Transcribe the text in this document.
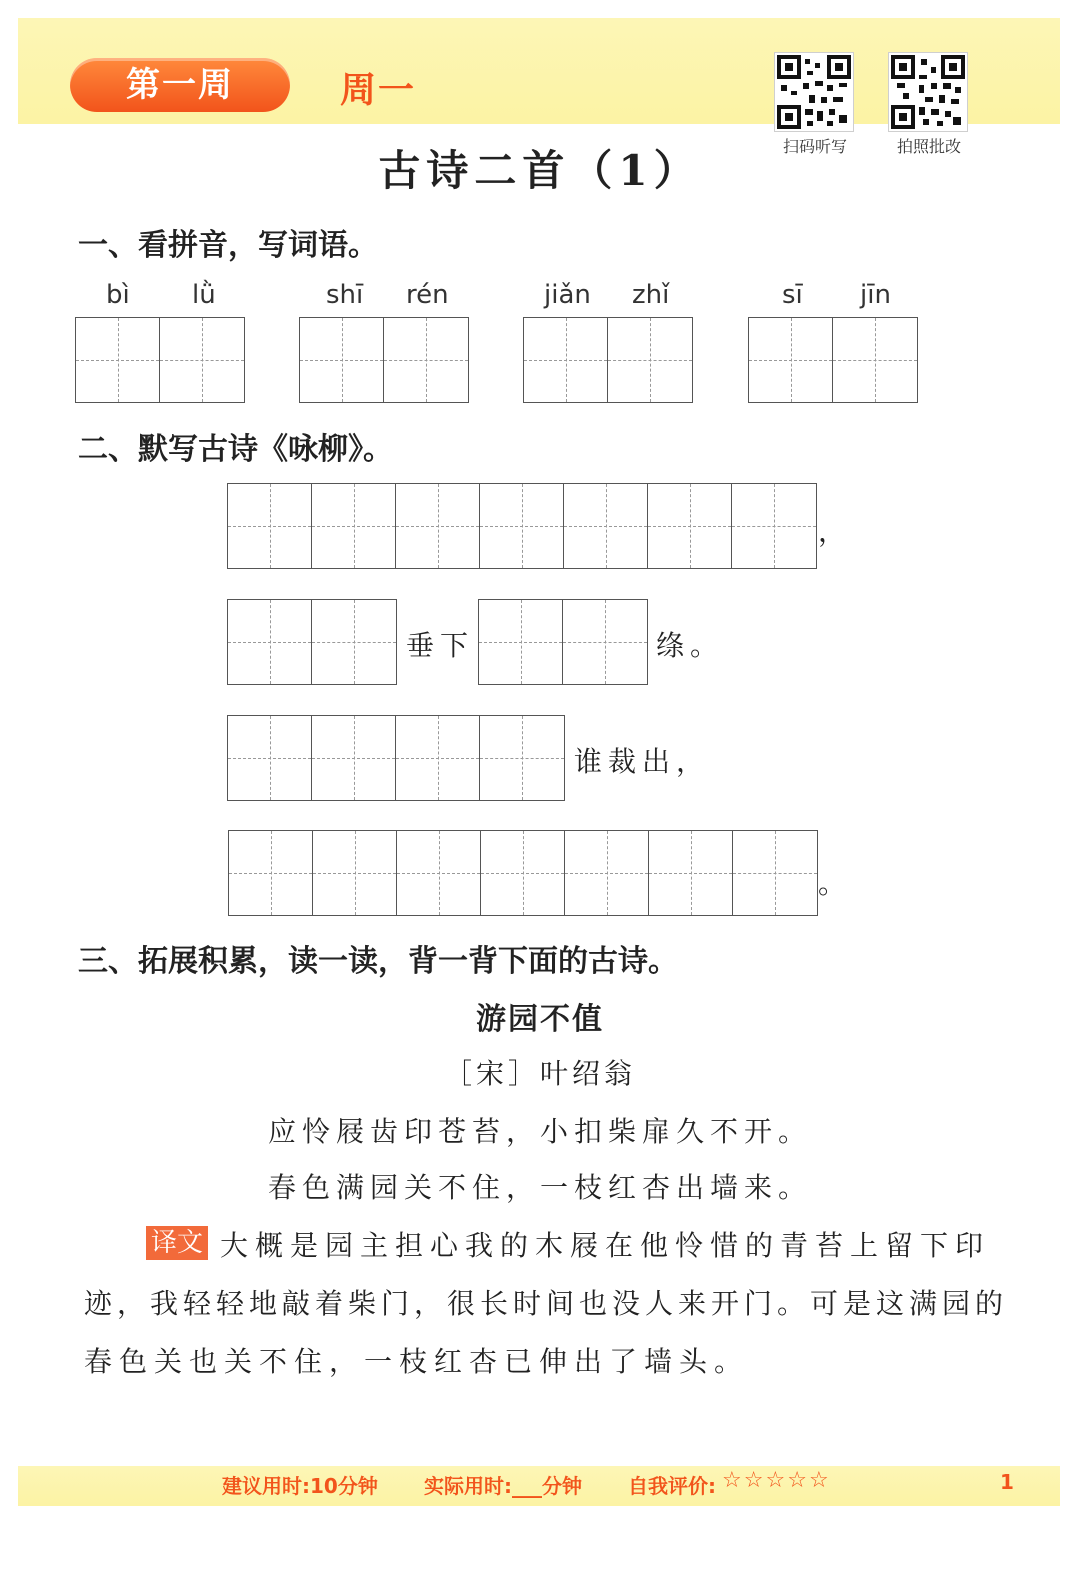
第一周	周一
扫码听写	拍照批改
古诗二首（1）
一、看拼音，写词语。
bì lǜ	shī rén	jiǎn zhǐ	sī jīn
二、默写古诗《咏柳》。
，
垂下	绦。
谁裁出，
。
三、拓展积累，读一读，背一背下面的古诗。
游园不值
［宋］叶绍翁
应怜屐齿印苍苔，小扣柴扉久不开。
春色满园关不住，一枝红杏出墙来。
译文 大概是园主担心我的木屐在他怜惜的青苔上留下印
迹，我轻轻地敲着柴门，很长时间也没人来开门。可是这满园的
春色关也关不住，一枝红杏已伸出了墙头。
建议用时:10分钟 实际用时:___分钟 自我评价: ☆☆☆☆☆	1
